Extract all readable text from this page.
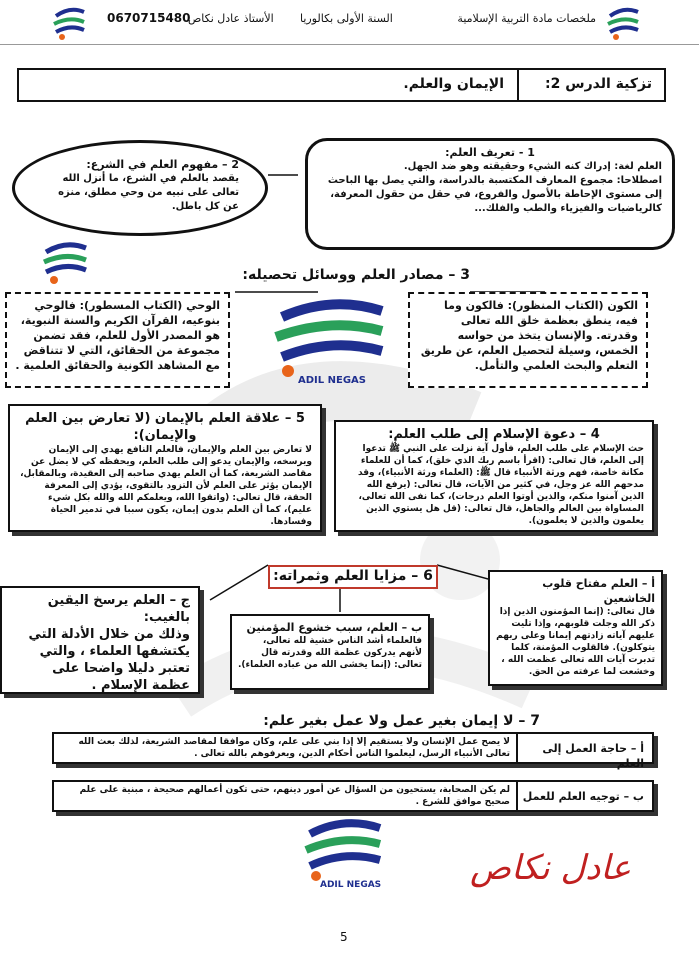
ملخصات مادة التربية الإسلامية
السنة الأولى بكالوريا
الأستاذ عادل نكاص
0670715480
تزكية الدرس 2:
الإيمان والعلم.
1 - تعريف العلم:
العلم لغة: إدراك كنه الشيء وحقيقته وهو ضد الجهل.
اصطلاحا: مجموع المعارف المكتسبة بالدراسة، والتي يصل بها الباحث
إلى مستوى الإحاطة بالأصول والفروع، في حقل من حقول المعرفة،
كالرياضيات والفيزياء والطب والفلك...
2 – مفهوم العلم في الشرع:
يقصد بالعلم في الشرع، ما أنزل الله تعالى على نبيه من وحي مطلق، منزه عن كل باطل.
3 – مصادر العلم ووسائل تحصيله:
الوحي (الكتاب المسطور): فالوحي بنوعيه، القرآن الكريم والسنة النبوية، هو المصدر الأول للعلم، فقد تضمن مجموعة من الحقائق، التي لا تتناقض مع المشاهد الكونية والحقائق العلمية .
الكون (الكتاب المنظور): فالكون وما فيه، ينطق بعظمة خلق الله تعالى وقدرته. والإنسان يتخذ من حواسه الخمس، وسيلة لتحصيل العلم، عن طريق التعلم والبحث العلمي والتأمل.
ADIL NEGAS
5 – علاقة العلم بالإيمان (لا تعارض بين العلم والإيمان):
لا تعارض بين العلم والإيمان، فالعلم النافع يهدي إلى الإيمان ويرسخه، والإيمان يدعو إلى طلب العلم، ويحفظه كي لا يضل عن مقاصد الشريعة، كما أن العلم يهدي صاحبه إلى العقيدة، وبالمقابل، الإيمان يؤثر على العلم لأن التزود بالتقوى، يؤدي إلى المعرفة الحقة، قال تعالى: (واتقوا الله، ويعلمكم الله والله بكل شيء عليم)، كما أن العلم بدون إيمان، يكون سببا في تدمير الحياة وفسادها.
4 – دعوة الإسلام إلى طلب العلم:
حث الإسلام على طلب العلم، فأول آية نزلت على النبي ﷺ تدعوا إلى العلم، قال تعالى: (اقرأ باسم ربك الذي خلق)، كما أن للعلماء مكانة خاصة، فهم ورثة الأنبياء قال ﷺ: (العلماء ورثة الأنبياء)، وقد مدحهم الله عز وجل، في كثير من الآيات، قال تعالى: (يرفع الله الذين آمنوا منكم، والذين أوتوا العلم درجات)، كما نفى الله تعالى، المساواة بين العالم والجاهل، قال تعالى: (قل هل يستوي الذين يعلمون والذين لا يعلمون).
6 – مزايا العلم وثمراته:	أ – العلم مفتاح قلوب الخاشعين
قال تعالى: (إنما المؤمنون الذين إذا ذكر الله وجلت قلوبهم، وإذا تليت عليهم آياته زادتهم إيمانا وعلى ربهم يتوكلون). فالقلوب المؤمنة، كلما تدبرت آيات الله تعالى عظمت الله ، وخشعت لما عرفته من الحق.
ب – العلم، سبب خشوع المؤمنين
فالعلماء أشد الناس خشية لله تعالى، لأنهم يدركون عظمة الله وقدرته قال تعالى: (إنما يخشى الله من عباده العلماء).
ج – العلم يرسخ اليقين بالغيب:
وذلك من خلال الأدلة التي يكتشفها العلماء ، والتي تعتبر دليلا واضحا على عظمة الإسلام .
7 – لا إيمان بغير عمل ولا عمل بغير علم:
أ – حاجة العمل إلى العلم
لا يصح عمل الإنسان ولا يستقيم إلا إذا بني على علم، وكان موافقا لمقاصد الشريعة، لذلك بعث الله تعالى الأنبياء الرسل، ليعلموا الناس أحكام الدين، ويعرفوهم بالله تعالى .
ب – توجيه العلم للعمل
لم يكن الصحابة، يستحيون من السؤال عن أمور دينهم، حتى تكون أعمالهم صحيحة ، مبنية على علم صحيح موافق للشرع .
ADIL NEGAS	عادل نكاص
5
